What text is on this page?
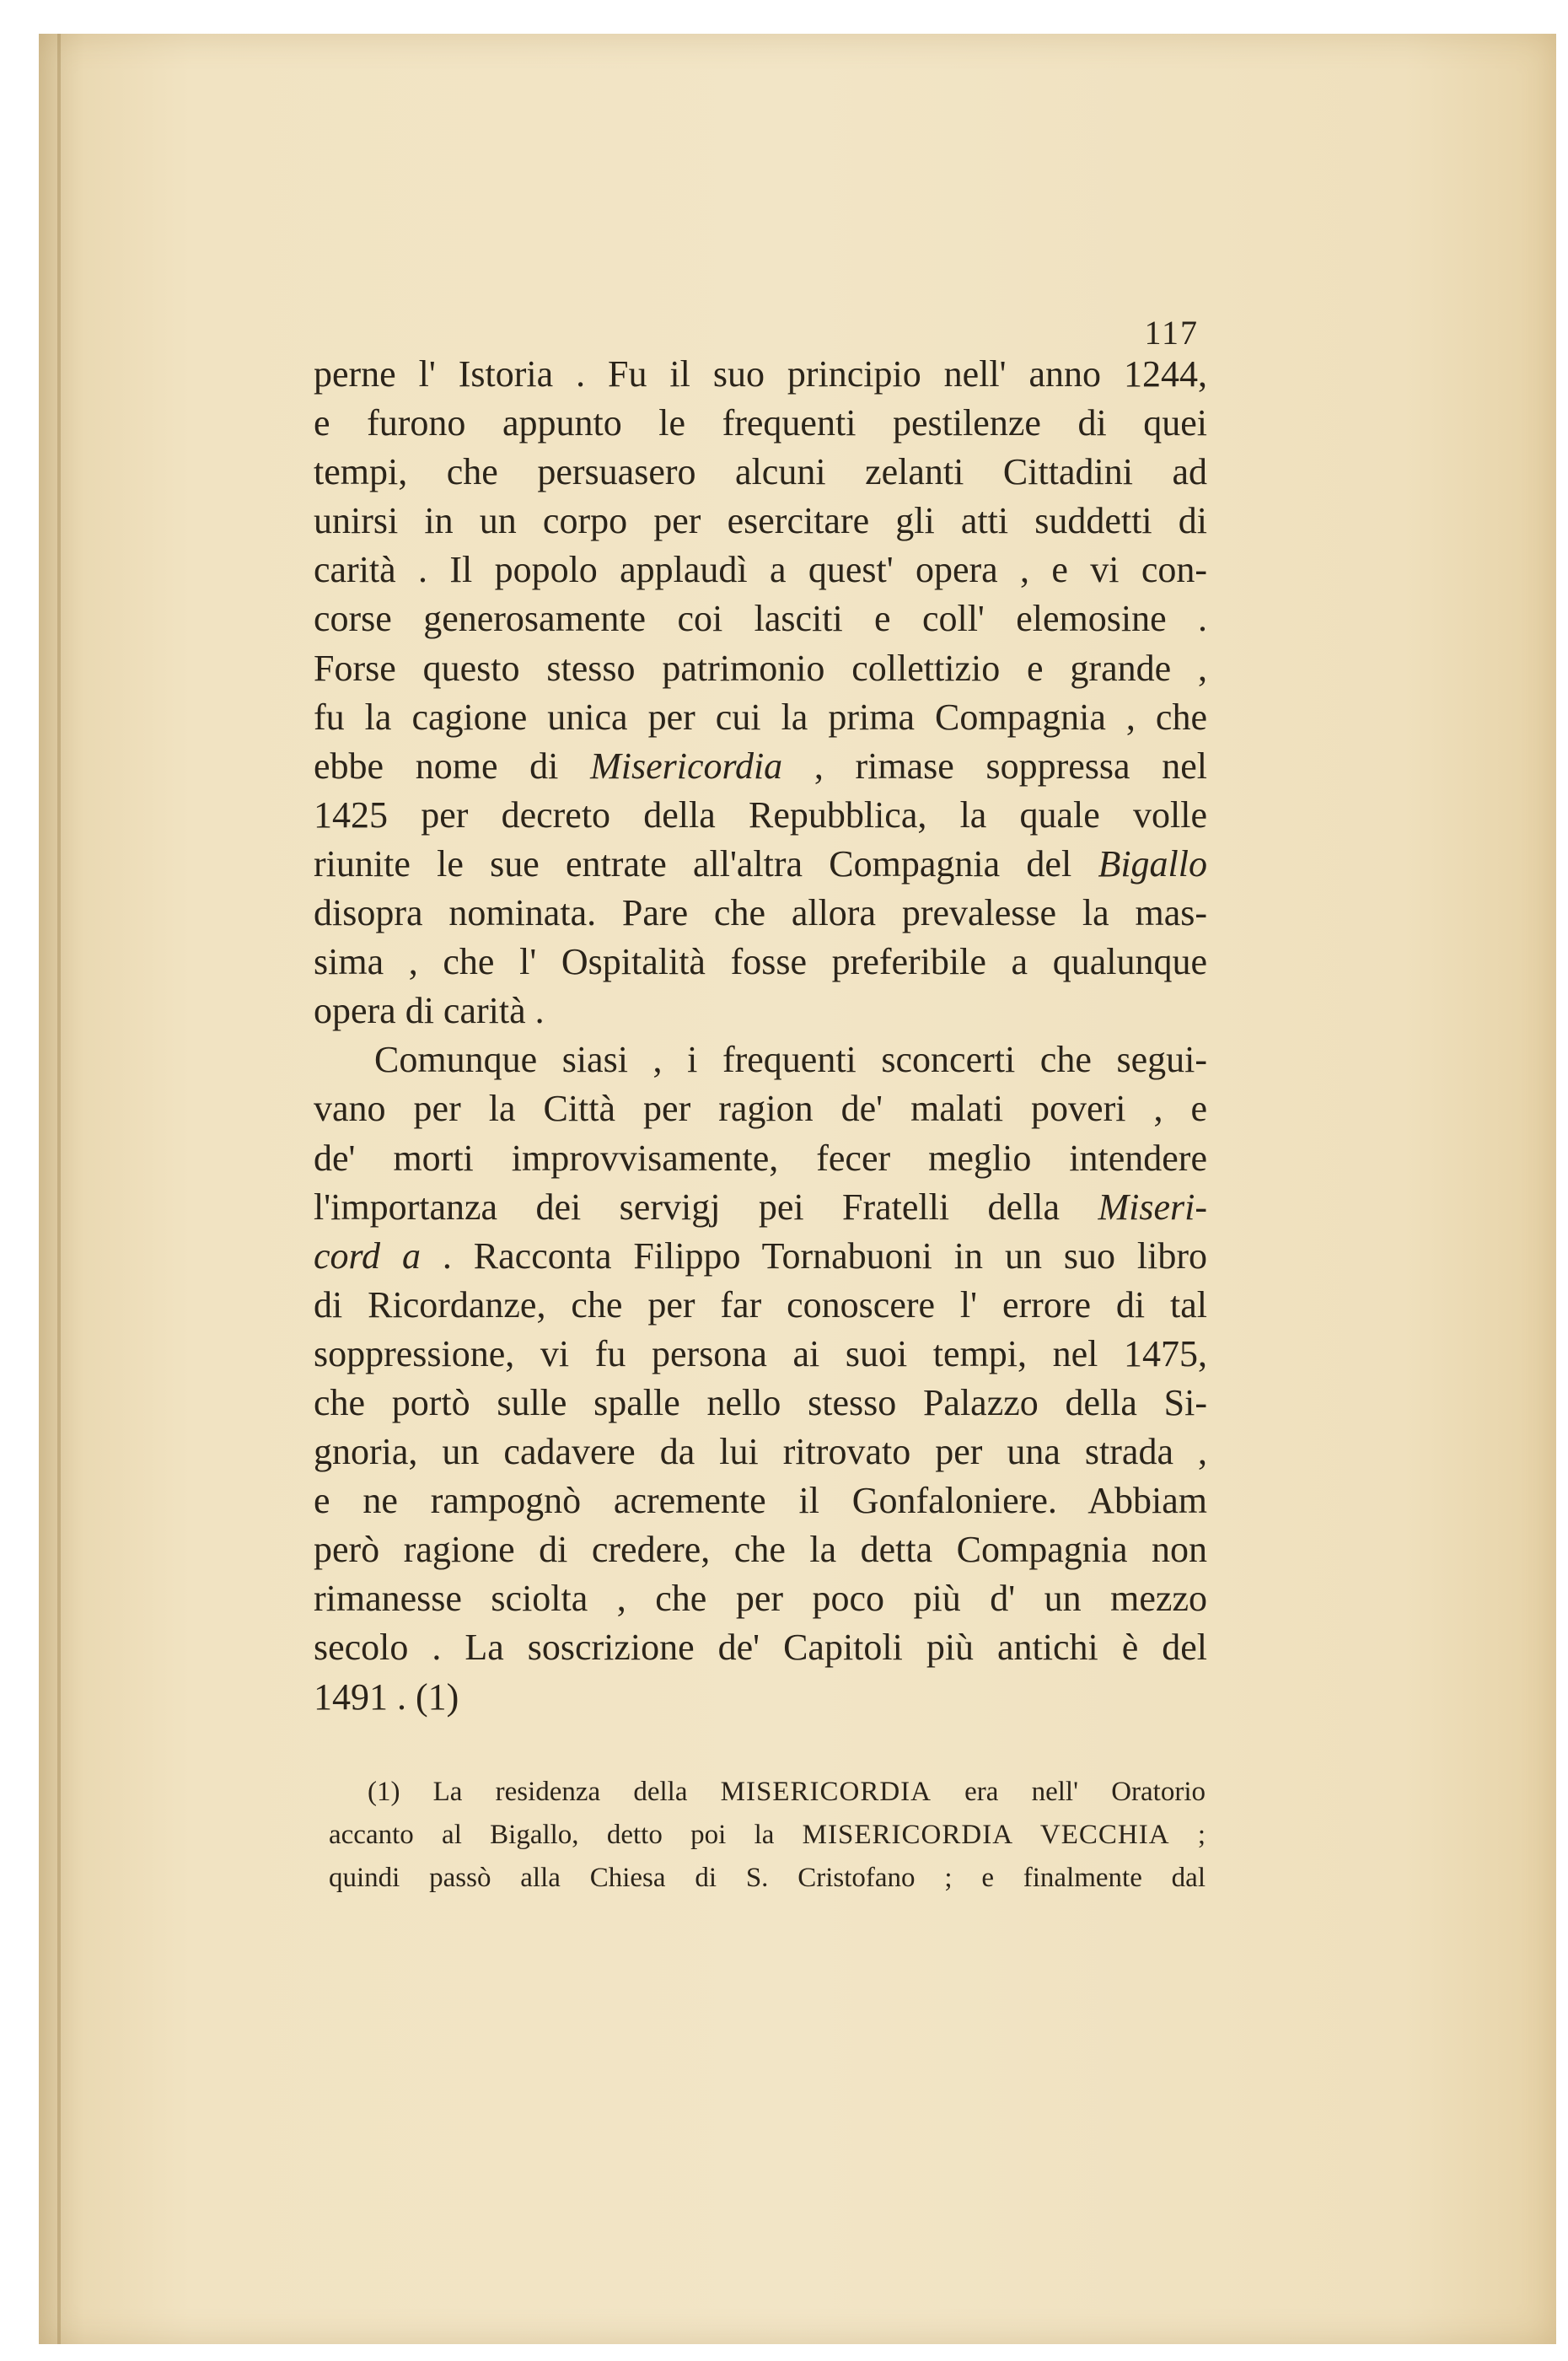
117
perne l' Istoria . Fu il suo principio nell' anno 1244,
e furono appunto le frequenti pestilenze di quei
tempi, che persuasero alcuni zelanti Cittadini ad
unirsi in un corpo per esercitare gli atti suddetti di
carità . Il popolo applaudì a quest' opera , e vi con-
corse generosamente coi lasciti e coll' elemosine .
Forse questo stesso patrimonio collettizio e grande ,
fu la cagione unica per cui la prima Compagnia , che
ebbe nome di Misericordia , rimase soppressa nel
1425 per decreto della Repubblica, la quale volle
riunite le sue entrate all'altra Compagnia del Bigallo
disopra nominata. Pare che allora prevalesse la mas-
sima , che l' Ospitalità fosse preferibile a qualunque
opera di carità .
Comunque siasi , i frequenti sconcerti che segui-
vano per la Città per ragion de' malati poveri , e
de' morti improvvisamente, fecer meglio intendere
l'importanza dei servigj pei Fratelli della Miseri-
cord a . Racconta Filippo Tornabuoni in un suo libro
di Ricordanze, che per far conoscere l' errore di tal
soppressione, vi fu persona ai suoi tempi, nel 1475,
che portò sulle spalle nello stesso Palazzo della Si-
gnoria, un cadavere da lui ritrovato per una strada ,
e ne rampognò acremente il Gonfaloniere. Abbiam
però ragione di credere, che la detta Compagnia non
rimanesse sciolta , che per poco più d' un mezzo
secolo . La soscrizione de' Capitoli più antichi è del
1491 . (1)
(1) La residenza della MISERICORDIA era nell' Oratorio
accanto al Bigallo, detto poi la MISERICORDIA VECCHIA ;
quindi passò alla Chiesa di S. Cristofano ; e finalmente dal
